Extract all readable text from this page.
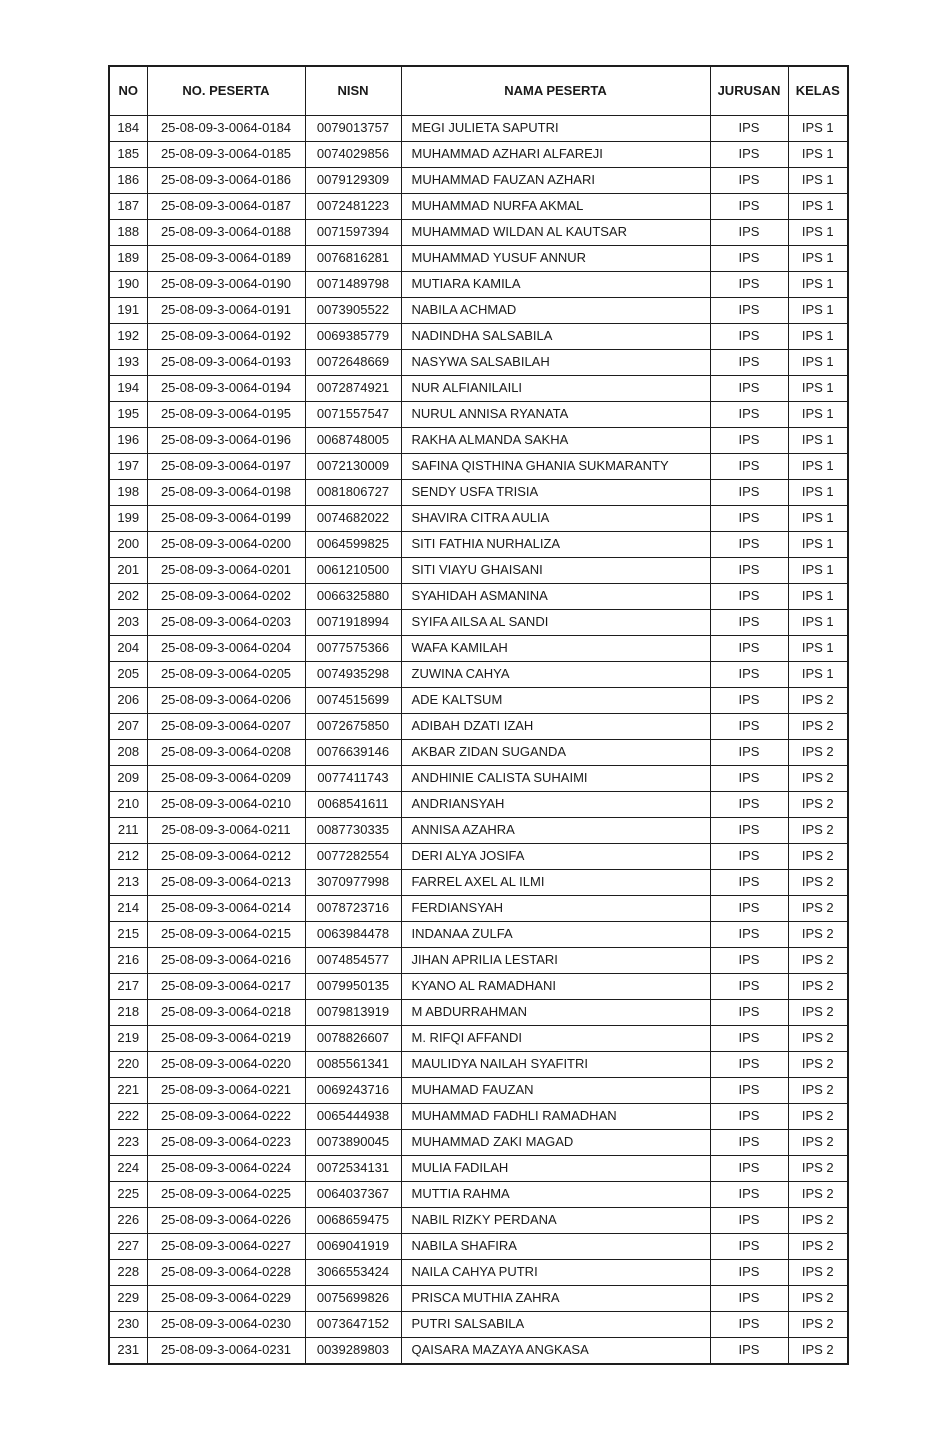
NO	NO. PESERTA	NISN	NAMA PESERTA	JURUSAN	KELAS
184	25-08-09-3-0064-0184	0079013757	MEGI JULIETA SAPUTRI	IPS	IPS 1
185	25-08-09-3-0064-0185	0074029856	MUHAMMAD AZHARI ALFAREJI	IPS	IPS 1
186	25-08-09-3-0064-0186	0079129309	MUHAMMAD FAUZAN AZHARI	IPS	IPS 1
187	25-08-09-3-0064-0187	0072481223	MUHAMMAD NURFA AKMAL	IPS	IPS 1
188	25-08-09-3-0064-0188	0071597394	MUHAMMAD WILDAN AL KAUTSAR	IPS	IPS 1
189	25-08-09-3-0064-0189	0076816281	MUHAMMAD YUSUF ANNUR	IPS	IPS 1
190	25-08-09-3-0064-0190	0071489798	MUTIARA KAMILA	IPS	IPS 1
191	25-08-09-3-0064-0191	0073905522	NABILA ACHMAD	IPS	IPS 1
192	25-08-09-3-0064-0192	0069385779	NADINDHA SALSABILA	IPS	IPS 1
193	25-08-09-3-0064-0193	0072648669	NASYWA SALSABILAH	IPS	IPS 1
194	25-08-09-3-0064-0194	0072874921	NUR ALFIANILAILI	IPS	IPS 1
195	25-08-09-3-0064-0195	0071557547	NURUL ANNISA RYANATA	IPS	IPS 1
196	25-08-09-3-0064-0196	0068748005	RAKHA ALMANDA SAKHA	IPS	IPS 1
197	25-08-09-3-0064-0197	0072130009	SAFINA QISTHINA GHANIA SUKMARANTY	IPS	IPS 1
198	25-08-09-3-0064-0198	0081806727	SENDY USFA TRISIA	IPS	IPS 1
199	25-08-09-3-0064-0199	0074682022	SHAVIRA CITRA AULIA	IPS	IPS 1
200	25-08-09-3-0064-0200	0064599825	SITI FATHIA NURHALIZA	IPS	IPS 1
201	25-08-09-3-0064-0201	0061210500	SITI VIAYU GHAISANI	IPS	IPS 1
202	25-08-09-3-0064-0202	0066325880	SYAHIDAH ASMANINA	IPS	IPS 1
203	25-08-09-3-0064-0203	0071918994	SYIFA AILSA AL SANDI	IPS	IPS 1
204	25-08-09-3-0064-0204	0077575366	WAFA KAMILAH	IPS	IPS 1
205	25-08-09-3-0064-0205	0074935298	ZUWINA CAHYA	IPS	IPS 1
206	25-08-09-3-0064-0206	0074515699	ADE KALTSUM	IPS	IPS 2
207	25-08-09-3-0064-0207	0072675850	ADIBAH DZATI IZAH	IPS	IPS 2
208	25-08-09-3-0064-0208	0076639146	AKBAR ZIDAN SUGANDA	IPS	IPS 2
209	25-08-09-3-0064-0209	0077411743	ANDHINIE CALISTA SUHAIMI	IPS	IPS 2
210	25-08-09-3-0064-0210	0068541611	ANDRIANSYAH	IPS	IPS 2
211	25-08-09-3-0064-0211	0087730335	ANNISA AZAHRA	IPS	IPS 2
212	25-08-09-3-0064-0212	0077282554	DERI ALYA JOSIFA	IPS	IPS 2
213	25-08-09-3-0064-0213	3070977998	FARREL AXEL AL ILMI	IPS	IPS 2
214	25-08-09-3-0064-0214	0078723716	FERDIANSYAH	IPS	IPS 2
215	25-08-09-3-0064-0215	0063984478	INDANAA ZULFA	IPS	IPS 2
216	25-08-09-3-0064-0216	0074854577	JIHAN APRILIA LESTARI	IPS	IPS 2
217	25-08-09-3-0064-0217	0079950135	KYANO AL RAMADHANI	IPS	IPS 2
218	25-08-09-3-0064-0218	0079813919	M ABDURRAHMAN	IPS	IPS 2
219	25-08-09-3-0064-0219	0078826607	M. RIFQI AFFANDI	IPS	IPS 2
220	25-08-09-3-0064-0220	0085561341	MAULIDYA NAILAH SYAFITRI	IPS	IPS 2
221	25-08-09-3-0064-0221	0069243716	MUHAMAD FAUZAN	IPS	IPS 2
222	25-08-09-3-0064-0222	0065444938	MUHAMMAD FADHLI RAMADHAN	IPS	IPS 2
223	25-08-09-3-0064-0223	0073890045	MUHAMMAD ZAKI MAGAD	IPS	IPS 2
224	25-08-09-3-0064-0224	0072534131	MULIA FADILAH	IPS	IPS 2
225	25-08-09-3-0064-0225	0064037367	MUTTIA RAHMA	IPS	IPS 2
226	25-08-09-3-0064-0226	0068659475	NABIL RIZKY PERDANA	IPS	IPS 2
227	25-08-09-3-0064-0227	0069041919	NABILA SHAFIRA	IPS	IPS 2
228	25-08-09-3-0064-0228	3066553424	NAILA CAHYA PUTRI	IPS	IPS 2
229	25-08-09-3-0064-0229	0075699826	PRISCA MUTHIA ZAHRA	IPS	IPS 2
230	25-08-09-3-0064-0230	0073647152	PUTRI SALSABILA	IPS	IPS 2
231	25-08-09-3-0064-0231	0039289803	QAISARA MAZAYA ANGKASA	IPS	IPS 2
